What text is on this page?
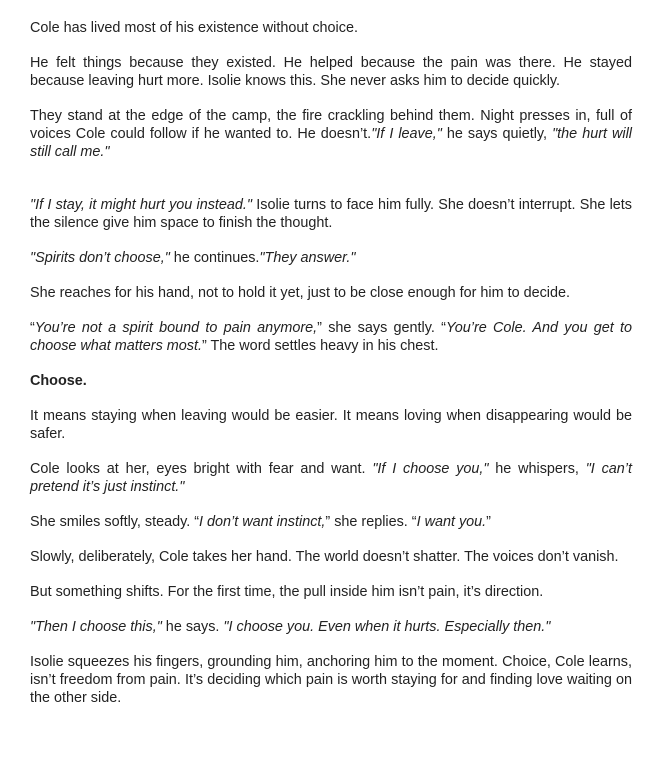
Cole has lived most of his existence without choice.

He felt things because they existed. He helped because the pain was there. He stayed because leaving hurt more. Isolie knows this. She never asks him to decide quickly.

They stand at the edge of the camp, the fire crackling behind them. Night presses in, full of voices Cole could follow if he wanted to. He doesn’t."If I leave," he says quietly, "the hurt will still call me."

"If I stay, it might hurt you instead." Isolie turns to face him fully. She doesn’t interrupt. She lets the silence give him space to finish the thought.

"Spirits don’t choose," he continues."They answer."

She reaches for his hand, not to hold it yet, just to be close enough for him to decide.

“You’re not a spirit bound to pain anymore,” she says gently. “You’re Cole. And you get to choose what matters most.” The word settles heavy in his chest.

Choose.

It means staying when leaving would be easier. It means loving when disappearing would be safer.

Cole looks at her, eyes bright with fear and want. "If I choose you," he whispers, "I can’t pretend it’s just instinct."

She smiles softly, steady. “I don’t want instinct,” she replies. “I want you.”

Slowly, deliberately, Cole takes her hand. The world doesn’t shatter. The voices don’t vanish.

But something shifts. For the first time, the pull inside him isn’t pain, it’s direction.

"Then I choose this," he says. "I choose you. Even when it hurts. Especially then."

Isolie squeezes his fingers, grounding him, anchoring him to the moment. Choice, Cole learns, isn’t freedom from pain. It’s deciding which pain is worth staying for and finding love waiting on the other side.
